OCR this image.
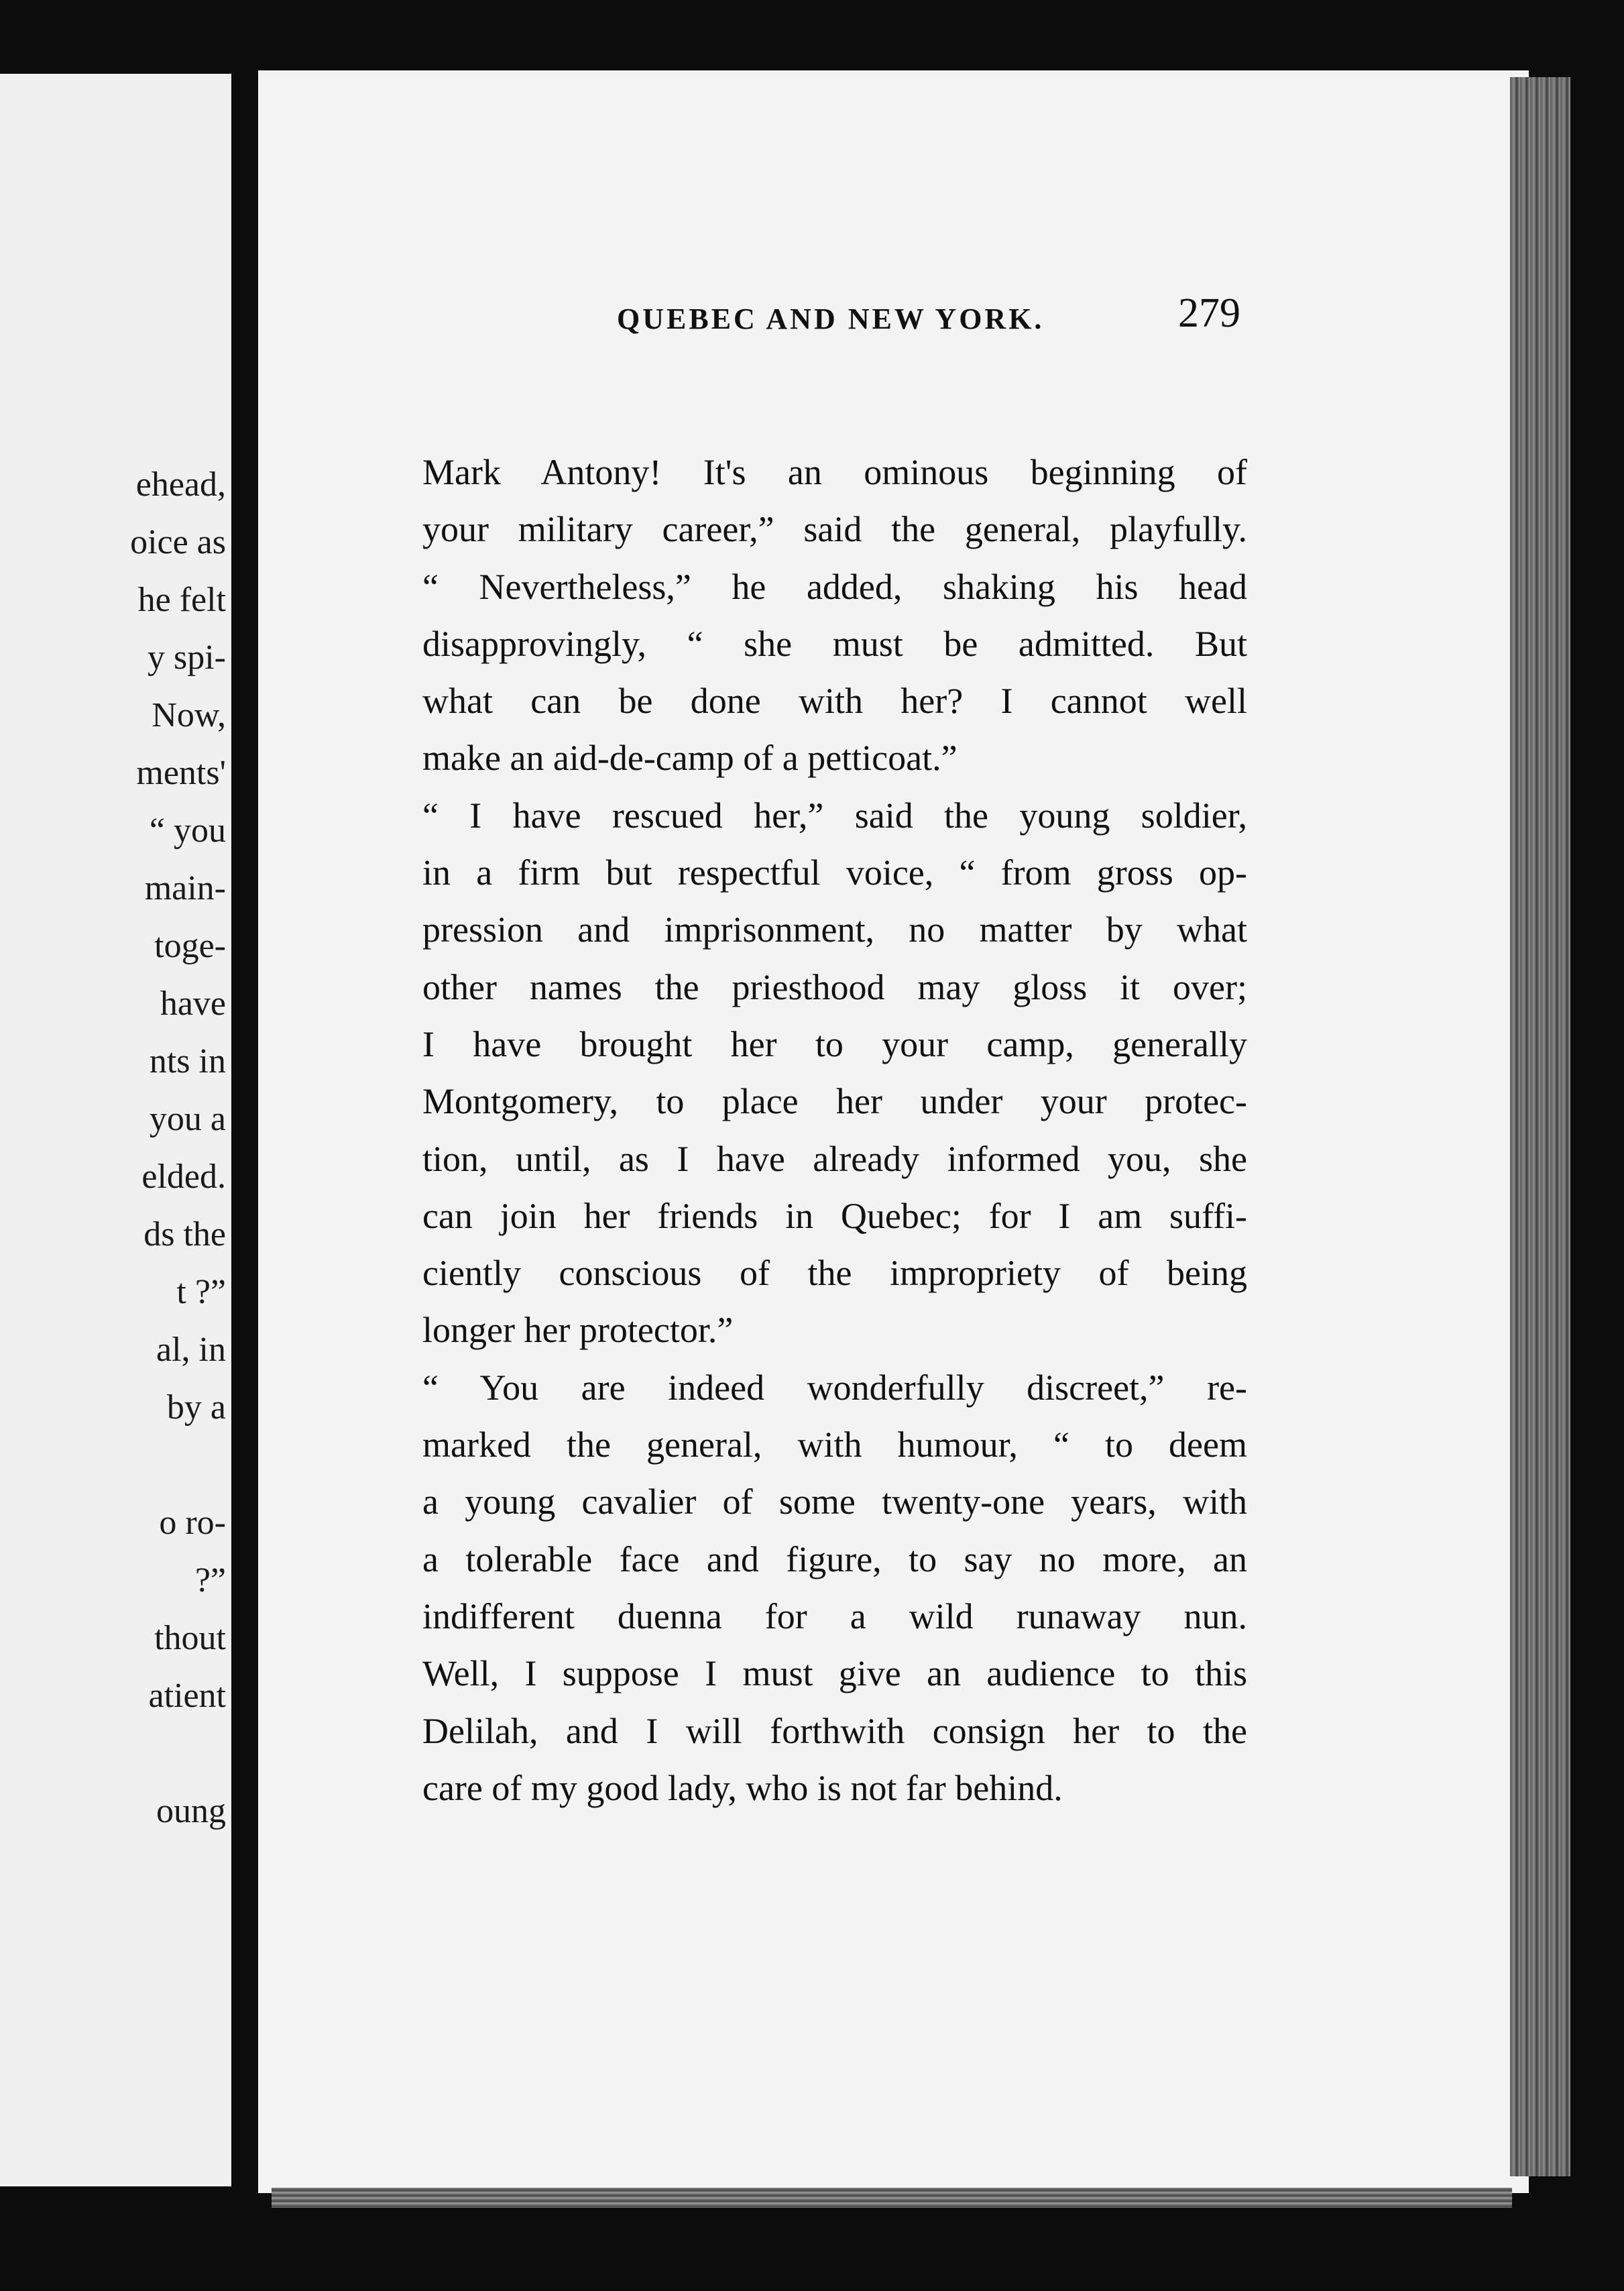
ehead,
oice as
he felt
y spi-
Now,
ments'
“ you
main-
toge-
have
nts in
you a
elded.
ds the
t ?”
al, in
by a
o ro-
?”
thout
atient
oung
QUEBEC AND NEW YORK.	279
Mark Antony! It's an ominous beginning of
your military career,” said the general, playfully.
“ Nevertheless,” he added, shaking his head
disapprovingly, “ she must be admitted. But
what can be done with her? I cannot well
make an aid-de-camp of a petticoat.”
“ I have rescued her,” said the young soldier,
in a firm but respectful voice, “ from gross op-
pression and imprisonment, no matter by what
other names the priesthood may gloss it over;
I have brought her to your camp, generally
Montgomery, to place her under your protec-
tion, until, as I have already informed you, she
can join her friends in Quebec; for I am suffi-
ciently conscious of the impropriety of being
longer her protector.”
“ You are indeed wonderfully discreet,” re-
marked the general, with humour, “ to deem
a young cavalier of some twenty-one years, with
a tolerable face and figure, to say no more, an
indifferent duenna for a wild runaway nun.
Well, I suppose I must give an audience to this
Delilah, and I will forthwith consign her to the
care of my good lady, who is not far behind.
